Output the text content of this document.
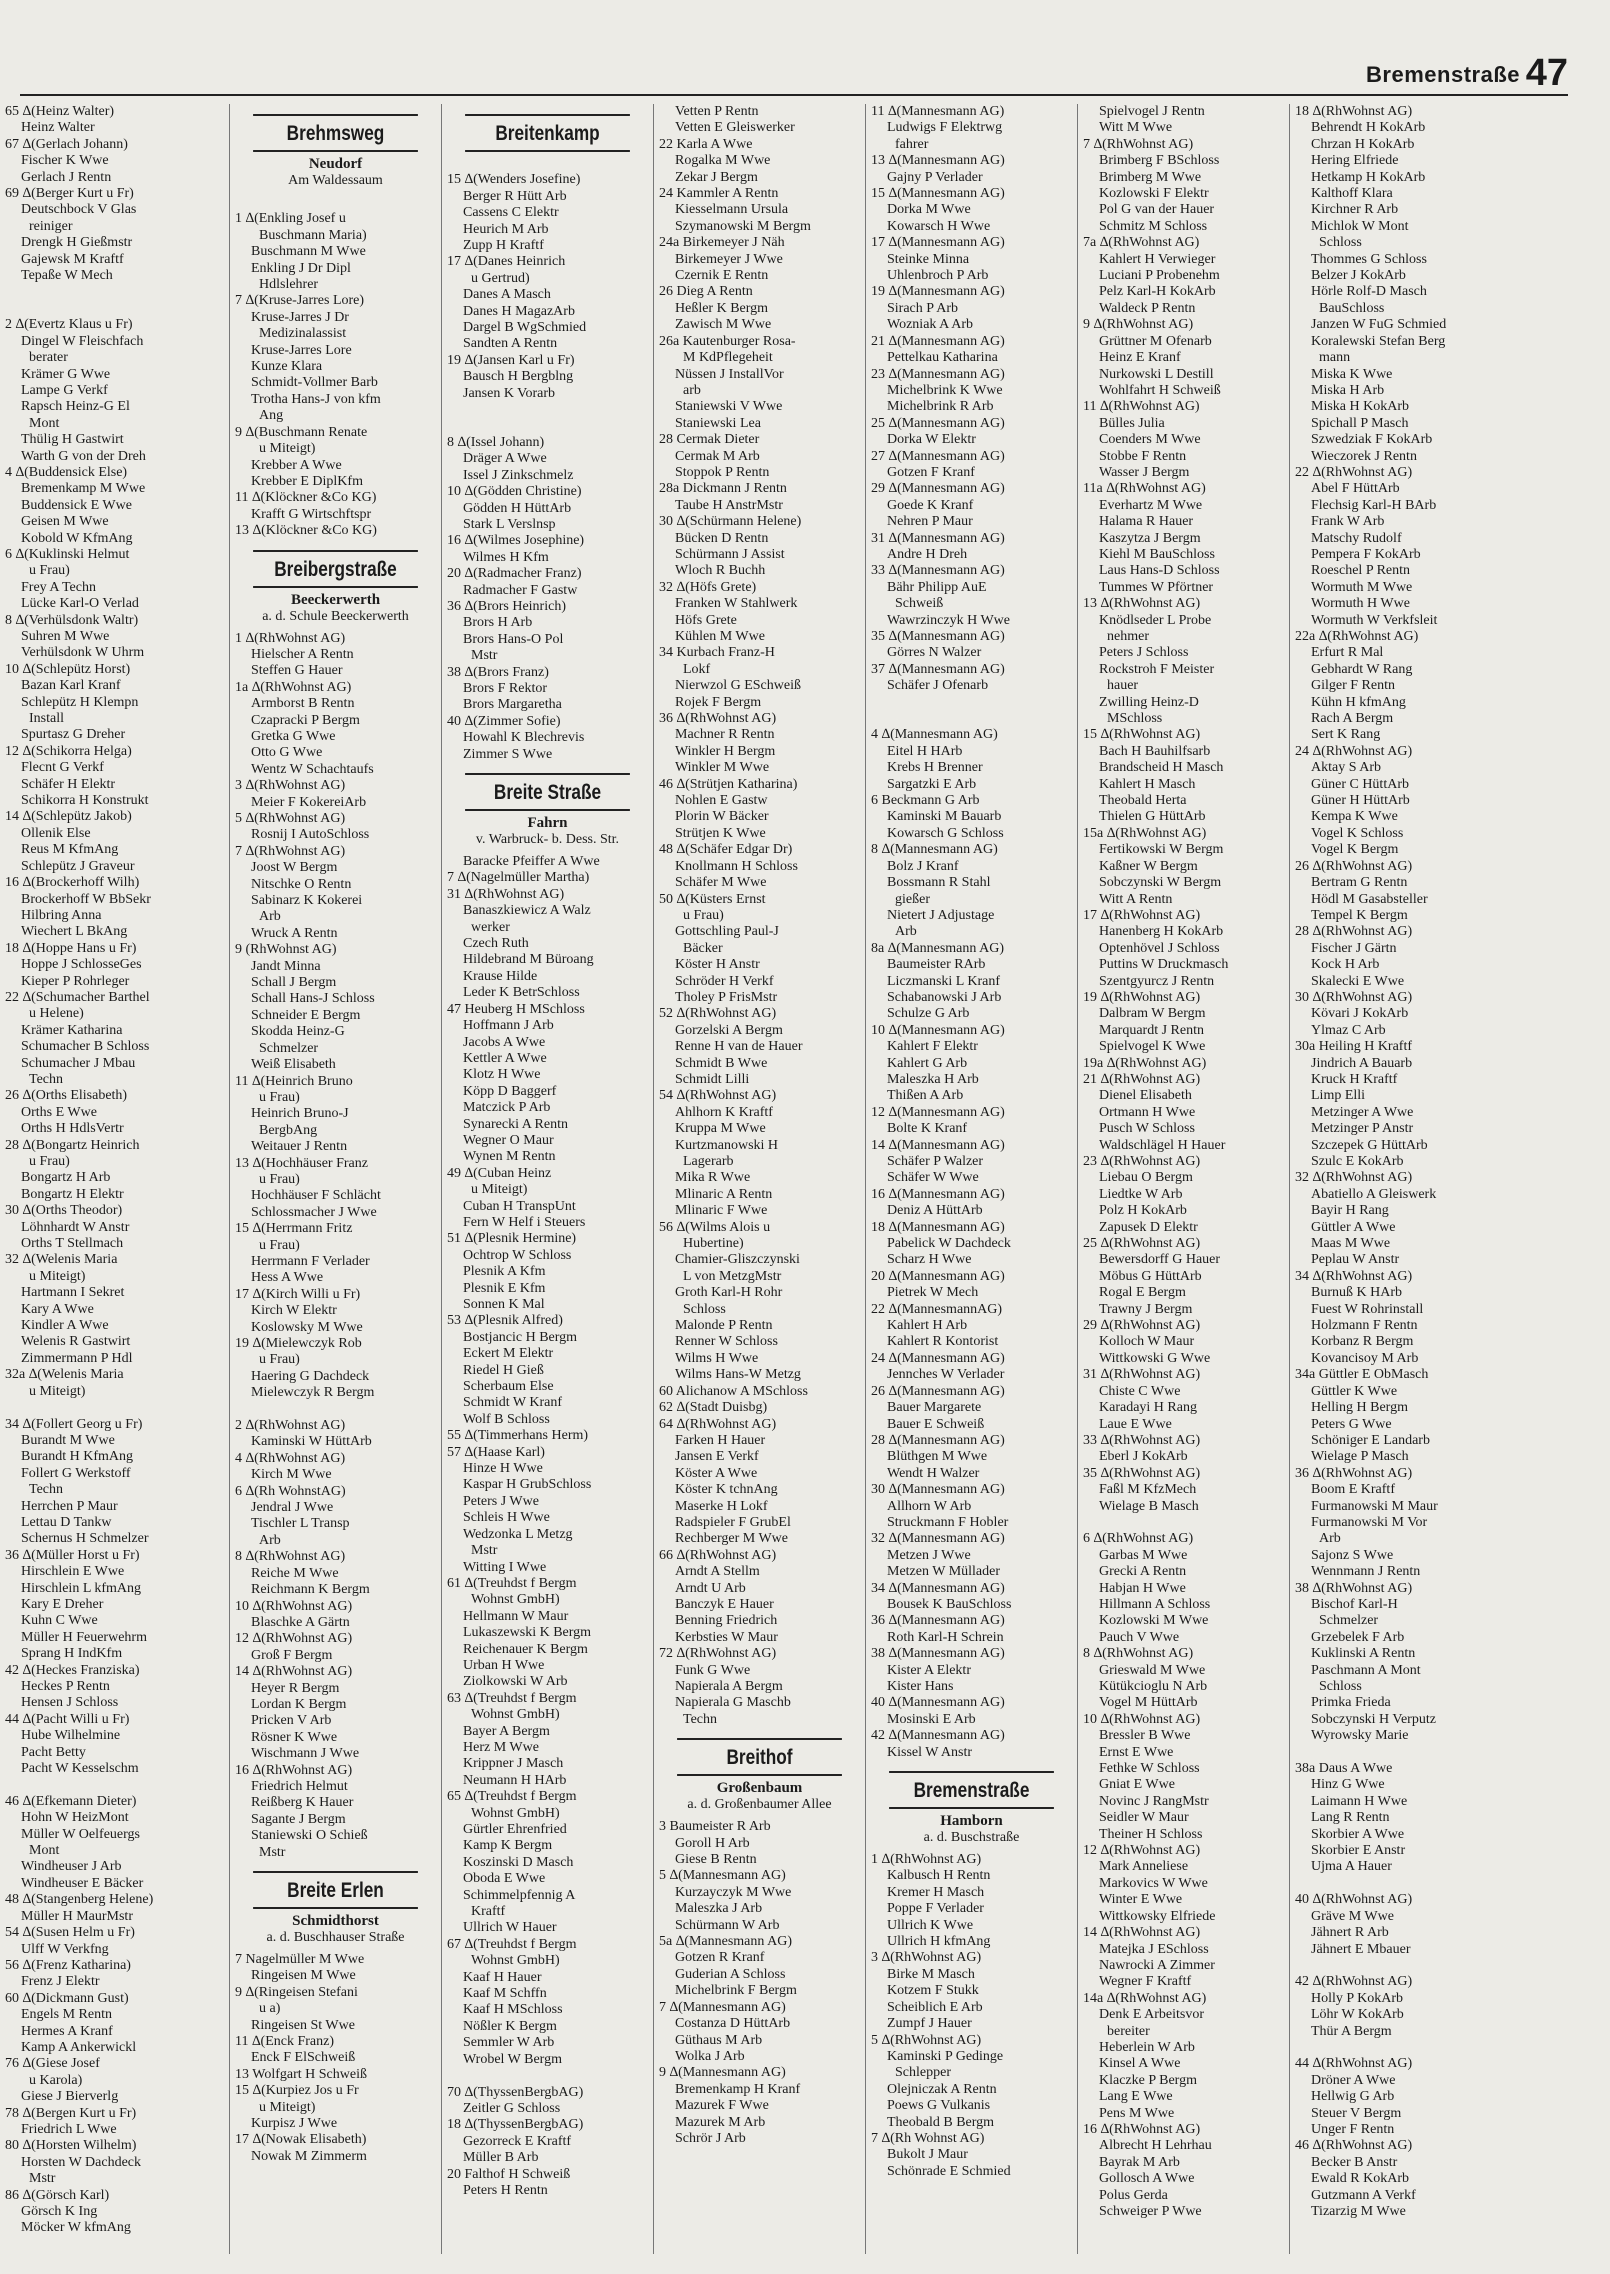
Bremenstraße 47
65 ∆(Heinz Walter)
Heinz Walter
67 ∆(Gerlach Johann)
Fischer K Wwe
Gerlach J Rentn
69 ∆(Berger Kurt u Fr)
Deutschbock V Glas
reiniger
Drengk H Gießmstr
Gajewsk M Kraftf
Tepaße W Mech

2 ∆(Evertz Klaus u Fr)
Dingel W Fleischfach
berater
Krämer G Wwe
Lampe G Verkf
Rapsch Heinz-G El
Mont
Thülig H Gastwirt
Warth G von der Dreh
4 ∆(Buddensick Else)
Bremenkamp M Wwe
Buddensick E Wwe
Geisen M Wwe
Kobold W KfmAng
6 ∆(Kuklinski Helmut
u Frau)
Frey A Techn
Lücke Karl-O Verlad
8 ∆(Verhülsdonk Waltr)
Suhren M Wwe
Verhülsdonk W Uhrm
10 ∆(Schlepütz Horst)
Bazan Karl Kranf
Schlepütz H Klempn
Install
Spurtasz G Dreher
12 ∆(Schikorra Helga)
Flecnt G Verkf
Schäfer H Elektr
Schikorra H Konstrukt
14 ∆(Schlepütz Jakob)
Ollenik Else
Reus M KfmAng
Schlepütz J Graveur
16 ∆(Brockerhoff Wilh)
Brockerhoff W BbSekr
Hilbring Anna
Wiechert L BkAng
18 ∆(Hoppe Hans u Fr)
Hoppe J SchlosseGes
Kieper P Rohrleger
22 ∆(Schumacher Barthel
u Helene)
Krämer Katharina
Schumacher B Schloss
Schumacher J Mbau
Techn
26 ∆(Orths Elisabeth)
Orths E Wwe
Orths H HdlsVertr
28 ∆(Bongartz Heinrich
u Frau)
Bongartz H Arb
Bongartz H Elektr
30 ∆(Orths Theodor)
Löhnhardt W Anstr
Orths T Stellmach
32 ∆(Welenis Maria
u Miteigt)
Hartmann I Sekret
Kary A Wwe
Kindler A Wwe
Welenis R Gastwirt
Zimmermann P Hdl
32a ∆(Welenis Maria
u Miteigt)

34 ∆(Follert Georg u Fr)
Burandt M Wwe
Burandt H KfmAng
Follert G Werkstoff
Techn
Herrchen P Maur
Lettau D Tankw
Schernus H Schmelzer
36 ∆(Müller Horst u Fr)
Hirschlein E Wwe
Hirschlein L kfmAng
Kary E Dreher
Kuhn C Wwe
Müller H Feuerwehrm
Sprang H IndKfm
42 ∆(Heckes Franziska)
Heckes P Rentn
Hensen J Schloss
44 ∆(Pacht Willi u Fr)
Hube Wilhelmine
Pacht Betty
Pacht W Kesselschm

46 ∆(Efkemann Dieter)
Hohn W HeizMont
Müller W Oelfeuergs
Mont
Windheuser J Arb
Windheuser E Bäcker
48 ∆(Stangenberg Helene)
Müller H MaurMstr
54 ∆(Susen Helm u Fr)
Ulff W Verkfng
56 ∆(Frenz Katharina)
Frenz J Elektr
60 ∆(Dickmann Gust)
Engels M Rentn
Hermes A Kranf
Kamp A Ankerwickl
76 ∆(Giese Josef
u Karola)
Giese J Bierverlg
78 ∆(Bergen Kurt u Fr)
Friedrich L Wwe
80 ∆(Horsten Wilhelm)
Horsten W Dachdeck
Mstr
86 ∆(Görsch Karl)
Görsch K Ing
Möcker W kfmAng
Brehmsweg
Neudorf
Am Waldessaum

1 ∆(Enkling Josef u
Buschmann Maria)
Buschmann M Wwe
Enkling J Dr Dipl
Hdlslehrer
7 ∆(Kruse-Jarres Lore)
Kruse-Jarres J Dr
Medizinalassist
Kruse-Jarres Lore
Kunze Klara
Schmidt-Vollmer Barb
Trotha Hans-J von kfm
Ang
9 ∆(Buschmann Renate
u Miteigt)
Krebber A Wwe
Krebber E DiplKfm
11 ∆(Klöckner &Co KG)
Krafft G Wirtschftspr
13 ∆(Klöckner &Co KG)
Breibergstraße
Beeckerwerth
a. d. Schule Beeckerwerth
1 ∆(RhWohnst AG)
Hielscher A Rentn
Steffen G Hauer
1a ∆(RhWohnst AG)
Armborst B Rentn
Czapracki P Bergm
Gretka G Wwe
Otto G Wwe
Wentz W Schachtaufs
3 ∆(RhWohnst AG)
Meier F KokereiArb
5 ∆(RhWohnst AG)
Rosnij I AutoSchloss
7 ∆(RhWohnst AG)
Joost W Bergm
Nitschke O Rentn
Sabinarz K Kokerei
Arb
Wruck A Rentn
9 (RhWohnst AG)
Jandt Minna
Schall J Bergm
Schall Hans-J Schloss
Schneider E Bergm
Skodda Heinz-G
Schmelzer
Weiß Elisabeth
11 ∆(Heinrich Bruno
u Frau)
Heinrich Bruno-J
BergbAng
Weitauer J Rentn
13 ∆(Hochhäuser Franz
u Frau)
Hochhäuser F Schlächt
Schlossmacher J Wwe
15 ∆(Herrmann Fritz
u Frau)
Herrmann F Verlader
Hess A Wwe
17 ∆(Kirch Willi u Fr)
Kirch W Elektr
Koslowsky M Wwe
19 ∆(Mielewczyk Rob
u Frau)
Haering G Dachdeck
Mielewczyk R Bergm

2 ∆(RhWohnst AG)
Kaminski W HüttArb
4 ∆(RhWohnst AG)
Kirch M Wwe
6 ∆(Rh WohnstAG)
Jendral J Wwe
Tischler L Transp
Arb
8 ∆(RhWohnst AG)
Reiche M Wwe
Reichmann K Bergm
10 ∆(RhWohnst AG)
Blaschke A Gärtn
12 ∆(RhWohnst AG)
Groß F Bergm
14 ∆(RhWohnst AG)
Heyer R Bergm
Lordan K Bergm
Pricken V Arb
Rösner K Wwe
Wischmann J Wwe
16 ∆(RhWohnst AG)
Friedrich Helmut
Reißberg K Hauer
Sagante J Bergm
Staniewski O Schieß
Mstr
Breite Erlen
Schmidthorst
a. d. Buschhauser Straße
7 Nagelmüller M Wwe
Ringeisen M Wwe
9 ∆(Ringeisen Stefani
u a)
Ringeisen St Wwe
11 ∆(Enck Franz)
Enck F ElSchweiß
13 Wolfgart H Schweiß
15 ∆(Kurpiez Jos u Fr
u Miteigt)
Kurpisz J Wwe
17 ∆(Nowak Elisabeth)
Nowak M Zimmerm
Breitenkamp

15 ∆(Wenders Josefine)
Berger R Hütt Arb
Cassens C Elektr
Heurich M Arb
Zupp H Kraftf
17 ∆(Danes Heinrich
u Gertrud)
Danes A Masch
Danes H MagazArb
Dargel B WgSchmied
Sandten A Rentn
19 ∆(Jansen Karl u Fr)
Bausch H Bergblng
Jansen K Vorarb

8 ∆(Issel Johann)
Dräger A Wwe
Issel J Zinkschmelz
10 ∆(Gödden Christine)
Gödden H HüttArb
Stark L Verslnsp
16 ∆(Wilmes Josephine)
Wilmes H Kfm
20 ∆(Radmacher Franz)
Radmacher F Gastw
36 ∆(Brors Heinrich)
Brors H Arb
Brors Hans-O Pol
Mstr
38 ∆(Brors Franz)
Brors F Rektor
Brors Margaretha
40 ∆(Zimmer Sofie)
Howahl K Blechrevis
Zimmer S Wwe
Breite Straße
Fahrn
v. Warbruck- b. Dess. Str.
Baracke Pfeiffer A Wwe
7 ∆(Nagelmüller Martha)
31 ∆(RhWohnst AG)
Banaszkiewicz A Walz
werker
Czech Ruth
Hildebrand M Büroang
Krause Hilde
Leder K BetrSchloss
47 Heuberg H MSchloss
Hoffmann J Arb
Jacobs A Wwe
Kettler A Wwe
Klotz H Wwe
Köpp D Baggerf
Matczick P Arb
Synarecki A Rentn
Wegner O Maur
Wynen M Rentn
49 ∆(Cuban Heinz
u Miteigt)
Cuban H TranspUnt
Fern W Helf i Steuers
51 ∆(Plesnik Hermine)
Ochtrop W Schloss
Plesnik A Kfm
Plesnik E Kfm
Sonnen K Mal
53 ∆(Plesnik Alfred)
Bostjancic H Bergm
Eckert M Elektr
Riedel H Gieß
Scherbaum Else
Schmidt W Kranf
Wolf B Schloss
55 ∆(Timmerhans Herm)
57 ∆(Haase Karl)
Hinze H Wwe
Kaspar H GrubSchloss
Peters J Wwe
Schleis H Wwe
Wedzonka L Metzg
Mstr
Witting I Wwe
61 ∆(Treuhdst f Bergm
Wohnst GmbH)
Hellmann W Maur
Lukaszewski K Bergm
Reichenauer K Bergm
Urban H Wwe
Ziolkowski W Arb
63 ∆(Treuhdst f Bergm
Wohnst GmbH)
Bayer A Bergm
Herz M Wwe
Krippner J Masch
Neumann H HArb
65 ∆(Treuhdst f Bergm
Wohnst GmbH)
Gürtler Ehrenfried
Kamp K Bergm
Koszinski D Masch
Oboda E Wwe
Schimmelpfennig A
Kraftf
Ullrich W Hauer
67 ∆(Treuhdst f Bergm
Wohnst GmbH)
Kaaf H Hauer
Kaaf M Schffn
Kaaf H MSchloss
Nößler K Bergm
Semmler W Arb
Wrobel W Bergm

70 ∆(ThyssenBergbAG)
Zeitler G Schloss
18 ∆(ThyssenBergbAG)
Gezorreck E Kraftf
Müller B Arb
20 Falthof H Schweiß
Peters H Rentn
Vetten P Rentn
Vetten E Gleiswerker
22 Karla A Wwe
Rogalka M Wwe
Zekar J Bergm
24 Kammler A Rentn
Kiesselmann Ursula
Szymanowski M Bergm
24a Birkemeyer J Näh
Birkemeyer J Wwe
Czernik E Rentn
26 Dieg A Rentn
Heßler K Bergm
Zawisch M Wwe
26a Kautenburger Rosa-
M KdPflegeheit
Nüssen J InstallVor
arb
Staniewski V Wwe
Staniewski Lea
28 Cermak Dieter
Cermak M Arb
Stoppok P Rentn
28a Dickmann J Rentn
Taube H AnstrMstr
30 ∆(Schürmann Helene)
Bücken D Rentn
Schürmann J Assist
Wloch R Buchh
32 ∆(Höfs Grete)
Franken W Stahlwerk
Höfs Grete
Kühlen M Wwe
34 Kurbach Franz-H
Lokf
Nierwzol G ESchweiß
Rojek F Bergm
36 ∆(RhWohnst AG)
Machner R Rentn
Winkler H Bergm
Winkler M Wwe
46 ∆(Strütjen Katharina)
Nohlen E Gastw
Plorin W Bäcker
Strütjen K Wwe
48 ∆(Schäfer Edgar Dr)
Knollmann H Schloss
Schäfer M Wwe
50 ∆(Küsters Ernst
u Frau)
Gottschling Paul-J
Bäcker
Köster H Anstr
Schröder H Verkf
Tholey P FrisMstr
52 ∆(RhWohnst AG)
Gorzelski A Bergm
Renne H van de Hauer
Schmidt B Wwe
Schmidt Lilli
54 ∆(RhWohnst AG)
Ahlhorn K Kraftf
Kruppa M Wwe
Kurtzmanowski H
Lagerarb
Mika R Wwe
Mlinaric A Rentn
Mlinaric F Wwe
56 ∆(Wilms Alois u
Hubertine)
Chamier-Gliszczynski
L von MetzgMstr
Groth Karl-H Rohr
Schloss
Malonde P Rentn
Renner W Schloss
Wilms H Wwe
Wilms Hans-W Metzg
60 Alichanow A MSchloss
62 ∆(Stadt Duisbg)
64 ∆(RhWohnst AG)
Farken H Hauer
Jansen E Verkf
Köster A Wwe
Köster K tchnAng
Maserke H Lokf
Radspieler F GrubEl
Rechberger M Wwe
66 ∆(RhWohnst AG)
Arndt A Stellm
Arndt U Arb
Banczyk E Hauer
Benning Friedrich
Kerbsties W Maur
72 ∆(RhWohnst AG)
Funk G Wwe
Napierala A Bergm
Napierala G Maschb
Techn
Breithof
Großenbaum
a. d. Großenbaumer Allee
3 Baumeister R Arb
Goroll H Arb
Giese B Rentn
5 ∆(Mannesmann AG)
Kurzayczyk M Wwe
Maleszka J Arb
Schürmann W Arb
5a ∆(Mannesmann AG)
Gotzen R Kranf
Guderian A Schloss
Michelbrink F Bergm
7 ∆(Mannesmann AG)
Costanza D HüttArb
Güthaus M Arb
Wolka J Arb
9 ∆(Mannesmann AG)
Bremenkamp H Kranf
Mazurek F Wwe
Mazurek M Arb
Schrör J Arb
11 ∆(Mannesmann AG)
Ludwigs F Elektrwg
fahrer
13 ∆(Mannesmann AG)
Gajny P Verlader
15 ∆(Mannesmann AG)
Dorka M Wwe
Kowarsch H Wwe
17 ∆(Mannesmann AG)
Steinke Minna
Uhlenbroch P Arb
19 ∆(Mannesmann AG)
Sirach P Arb
Wozniak A Arb
21 ∆(Mannesmann AG)
Pettelkau Katharina
23 ∆(Mannesmann AG)
Michelbrink K Wwe
Michelbrink R Arb
25 ∆(Mannesmann AG)
Dorka W Elektr
27 ∆(Mannesmann AG)
Gotzen F Kranf
29 ∆(Mannesmann AG)
Goede K Kranf
Nehren P Maur
31 ∆(Mannesmann AG)
Andre H Dreh
33 ∆(Mannesmann AG)
Bähr Philipp AuE
Schweiß
Wawrzinczyk H Wwe
35 ∆(Mannesmann AG)
Görres N Walzer
37 ∆(Mannesmann AG)
Schäfer J Ofenarb

4 ∆(Mannesmann AG)
Eitel H HArb
Krebs H Brenner
Sargatzki E Arb
6 Beckmann G Arb
Kaminski M Bauarb
Kowarsch G Schloss
8 ∆(Mannesmann AG)
Bolz J Kranf
Bossmann R Stahl
gießer
Nietert J Adjustage
Arb
8a ∆(Mannesmann AG)
Baumeister RArb
Liczmanski L Kranf
Schabanowski J Arb
Schulze G Arb
10 ∆(Mannesmann AG)
Kahlert F Elektr
Kahlert G Arb
Maleszka H Arb
Thißen A Arb
12 ∆(Mannesmann AG)
Bolte K Kranf
14 ∆(Mannesmann AG)
Schäfer P Walzer
Schäfer W Wwe
16 ∆(Mannesmann AG)
Deniz A HüttArb
18 ∆(Mannesmann AG)
Pabelick W Dachdeck
Scharz H Wwe
20 ∆(Mannesmann AG)
Pietrek W Mech
22 ∆(MannesmannAG)
Kahlert H Arb
Kahlert R Kontorist
24 ∆(Mannesmann AG)
Jennches W Verlader
26 ∆(Mannesmann AG)
Bauer Margarete
Bauer E Schweiß
28 ∆(Mannesmann AG)
Blüthgen M Wwe
Wendt H Walzer
30 ∆(Mannesmann AG)
Allhorn W Arb
Struckmann F Hobler
32 ∆(Mannesmann AG)
Metzen J Wwe
Metzen W Müllader
34 ∆(Mannesmann AG)
Bousek K BauSchloss
36 ∆(Mannesmann AG)
Roth Karl-H Schrein
38 ∆(Mannesmann AG)
Kister A Elektr
Kister Hans
40 ∆(Mannesmann AG)
Mosinski E Arb
42 ∆(Mannesmann AG)
Kissel W Anstr
Bremenstraße
Hamborn
a. d. Buschstraße
1 ∆(RhWohnst AG)
Kalbusch H Rentn
Kremer H Masch
Poppe F Verlader
Ullrich K Wwe
Ullrich H kfmAng
3 ∆(RhWohnst AG)
Birke M Masch
Kotzem F Stukk
Scheiblich E Arb
Zumpf J Hauer
5 ∆(RhWohnst AG)
Kaminski P Gedinge
Schlepper
Olejniczak A Rentn
Poews G Vulkanis
Theobald B Bergm
7 ∆(Rh Wohnst AG)
Bukolt J Maur
Schönrade E Schmied
Spielvogel J Rentn
Witt M Wwe
7 ∆(RhWohnst AG)
Brimberg F BSchloss
Brimberg M Wwe
Kozlowski F Elektr
Pol G van der Hauer
Schmitz M Schloss
7a ∆(RhWohnst AG)
Kahlert H Verwieger
Luciani P Probenehm
Pelz Karl-H KokArb
Waldeck P Rentn
9 ∆(RhWohnst AG)
Grüttner M Ofenarb
Heinz E Kranf
Nurkowski L Destill
Wohlfahrt H Schweiß
11 ∆(RhWohnst AG)
Bülles Julia
Coenders M Wwe
Stobbe F Rentn
Wasser J Bergm
11a ∆(RhWohnst AG)
Everhartz M Wwe
Halama R Hauer
Kaszytza J Bergm
Kiehl M BauSchloss
Laus Hans-D Schloss
Tummes W Pförtner
13 ∆(RhWohnst AG)
Knödlseder L Probe
nehmer
Peters J Schloss
Rockstroh F Meister
hauer
Zwilling Heinz-D
MSchloss
15 ∆(RhWohnst AG)
Bach H Bauhilfsarb
Brandscheid H Masch
Kahlert H Masch
Theobald Herta
Thielen G HüttArb
15a ∆(RhWohnst AG)
Fertikowski W Bergm
Kaßner W Bergm
Sobczynski W Bergm
Witt A Rentn
17 ∆(RhWohnst AG)
Hanenberg H KokArb
Optenhövel J Schloss
Puttins W Druckmasch
Szentgyurcz J Rentn
19 ∆(RhWohnst AG)
Dalbram W Bergm
Marquardt J Rentn
Spielvogel K Wwe
19a ∆(RhWohnst AG)
21 ∆(RhWohnst AG)
Dienel Elisabeth
Ortmann H Wwe
Pusch W Schloss
Waldschlägel H Hauer
23 ∆(RhWohnst AG)
Liebau O Bergm
Liedtke W Arb
Polz H KokArb
Zapusek D Elektr
25 ∆(RhWohnst AG)
Bewersdorff G Hauer
Möbus G HüttArb
Rogal E Bergm
Trawny J Bergm
29 ∆(RhWohnst AG)
Kolloch W Maur
Wittkowski G Wwe
31 ∆(RhWohnst AG)
Chiste C Wwe
Karadayi H Rang
Laue E Wwe
33 ∆(RhWohnst AG)
Eberl J KokArb
35 ∆(RhWohnst AG)
Faßl M KfzMech
Wielage B Masch

6 ∆(RhWohnst AG)
Garbas M Wwe
Grecki A Rentn
Habjan H Wwe
Hillmann A Schloss
Kozlowski M Wwe
Pauch V Wwe
8 ∆(RhWohnst AG)
Grieswald M Wwe
Kütükcioglu N Arb
Vogel M HüttArb
10 ∆(RhWohnst AG)
Bressler B Wwe
Ernst E Wwe
Fethke W Schloss
Gniat E Wwe
Novinc J RangMstr
Seidler W Maur
Theiner H Schloss
12 ∆(RhWohnst AG)
Mark Anneliese
Markovics W Wwe
Winter E Wwe
Wittkowsky Elfriede
14 ∆(RhWohnst AG)
Matejka J ESchloss
Nawrocki A Zimmer
Wegner F Kraftf
14a ∆(RhWohnst AG)
Denk E Arbeitsvor
bereiter
Heberlein W Arb
Kinsel A Wwe
Klaczke P Bergm
Lang E Wwe
Pens M Wwe
16 ∆(RhWohnst AG)
Albrecht H Lehrhau
Bayrak M Arb
Gollosch A Wwe
Polus Gerda
Schweiger P Wwe
18 ∆(RhWohnst AG)
Behrendt H KokArb
Chrzan H KokArb
Hering Elfriede
Hetkamp H KokArb
Kalthoff Klara
Kirchner R Arb
Michlok W Mont
Schloss
Thommes G Schloss
Belzer J KokArb
Hörle Rolf-D Masch
BauSchloss
Janzen W FuG Schmied
Koralewski Stefan Berg
mann
Miska K Wwe
Miska H Arb
Miska H KokArb
Spichall P Masch
Szwedziak F KokArb
Wieczorek J Rentn
22 ∆(RhWohnst AG)
Abel F HüttArb
Flechsig Karl-H BArb
Frank W Arb
Matschy Rudolf
Pempera F KokArb
Roeschel P Rentn
Wormuth M Wwe
Wormuth H Wwe
Wormuth W Verkfsleit
22a ∆(RhWohnst AG)
Erfurt R Mal
Gebhardt W Rang
Gilger F Rentn
Kühn H kfmAng
Rach A Bergm
Sert K Rang
24 ∆(RhWohnst AG)
Aktay S Arb
Güner C HüttArb
Güner H HüttArb
Kempa K Wwe
Vogel K Schloss
Vogel K Bergm
26 ∆(RhWohnst AG)
Bertram G Rentn
Hödl M Gasabsteller
Tempel K Bergm
28 ∆(RhWohnst AG)
Fischer J Gärtn
Kock H Arb
Skalecki E Wwe
30 ∆(RhWohnst AG)
Kövari J KokArb
Ylmaz C Arb
30a Heiling H Kraftf
Jindrich A Bauarb
Kruck H Kraftf
Limp Elli
Metzinger A Wwe
Metzinger P Anstr
Szczepek G HüttArb
Szulc E KokArb
32 ∆(RhWohnst AG)
Abatiello A Gleiswerk
Bayir H Rang
Güttler A Wwe
Maas M Wwe
Peplau W Anstr
34 ∆(RhWohnst AG)
Burnuß K HArb
Fuest W Rohrinstall
Holzmann F Rentn
Korbanz R Bergm
Kovancisoy M Arb
34a Güttler E ObMasch
Güttler K Wwe
Helling H Bergm
Peters G Wwe
Schöniger E Landarb
Wielage P Masch
36 ∆(RhWohnst AG)
Boom E Kraftf
Furmanowski M Maur
Furmanowski M Vor
Arb
Sajonz S Wwe
Wennmann J Rentn
38 ∆(RhWohnst AG)
Bischof Karl-H
Schmelzer
Grzebelek F Arb
Kuklinski A Rentn
Paschmann A Mont
Schloss
Primka Frieda
Sobczynski H Verputz
Wyrowsky Marie

38a Daus A Wwe
Hinz G Wwe
Laimann H Wwe
Lang R Rentn
Skorbier A Wwe
Skorbier E Anstr
Ujma A Hauer

40 ∆(RhWohnst AG)
Gräve M Wwe
Jähnert R Arb
Jähnert E Mbauer

42 ∆(RhWohnst AG)
Holly P KokArb
Löhr W KokArb
Thür A Bergm

44 ∆(RhWohnst AG)
Dröner A Wwe
Hellwig G Arb
Steuer V Bergm
Unger F Rentn
46 ∆(RhWohnst AG)
Becker B Anstr
Ewald R KokArb
Gutzmann A Verkf
Tizarzig M Wwe
